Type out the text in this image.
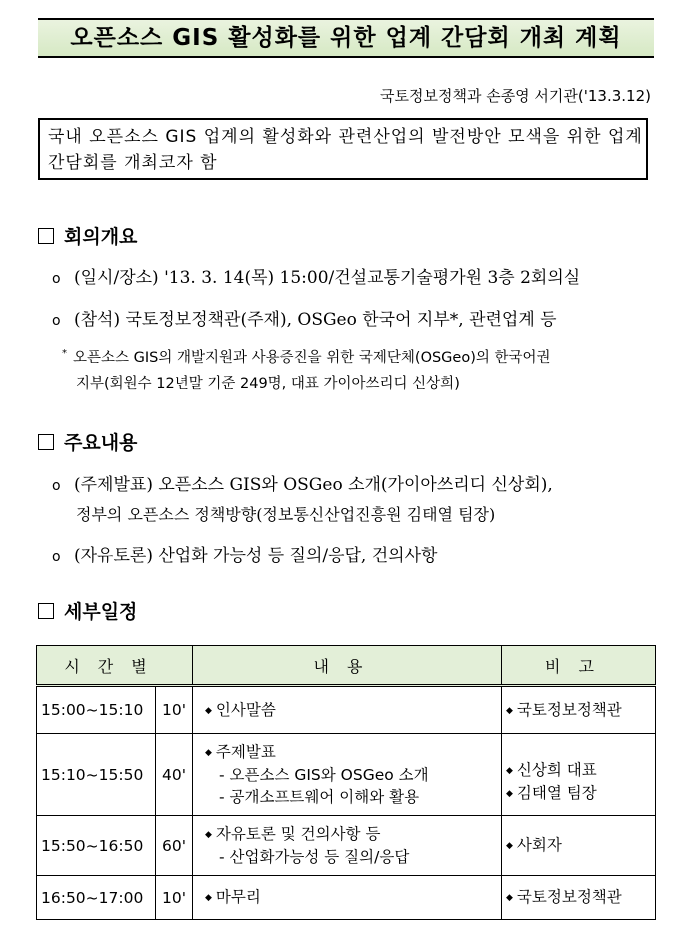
오픈소스 GIS 활성화를 위한 업계 간담회 개최 계획
국토정보정책과 손종영 서기관('13.3.12)
국내 오픈소스 GIS 업계의 활성화와 관련산업의 발전방안 모색을 위한 업계 간담회를 개최코자 함
회의개요
o (일시/장소) '13. 3. 14(목) 15:00/건설교통기술평가원 3층 2회의실
o (참석) 국토정보정책관(주재), OSGeo 한국어 지부*, 관련업계 등
* 오픈소스 GIS의 개발지원과 사용증진을 위한 국제단체(OSGeo)의 한국어권
지부(회원수 12년말 기준 249명, 대표 가이아쓰리디 신상희)
주요내용
o (주제발표) 오픈소스 GIS와 OSGeo 소개(가이아쓰리디 신상회),
정부의 오픈소스 정책방향(정보통신산업진흥원 김태열 팀장)
o (자유토론) 산업화 가능성 등 질의/응답, 건의사항
세부일정
시간별		내용	비고
15:00~15:10	10'	◆ 인사말씀	◆ 국토정보정책관

15:10~15:50	40'	◆ 주제발표
- 오픈소스 GIS와 OSGeo 소개
- 공개소프트웨어 이해와 활용	◆ 신상희 대표
◆ 김태열 팀장

15:50~16:50	60'	◆ 자유토론 및 건의사항 등
- 산업화가능성 등 질의/응답	◆ 사회자

16:50~17:00	10'	◆ 마무리	◆ 국토정보정책관
